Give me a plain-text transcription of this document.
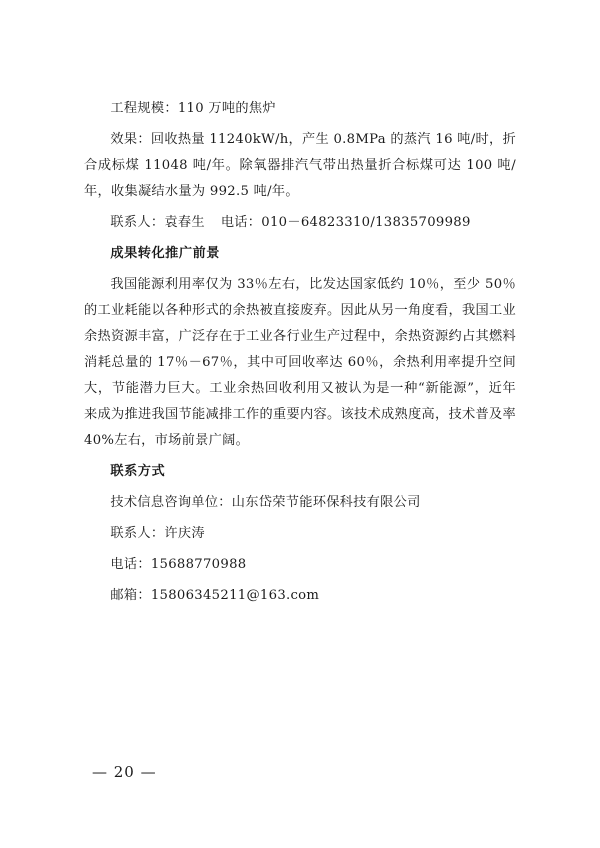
工程规模：110 万吨的焦炉

效果：回收热量 11240kW/h，产生 0.8MPa 的蒸汽 16 吨/时，折合成标煤 11048 吨/年。除氧器排汽气带出热量折合标煤可达 100 吨/年，收集凝结水量为 992.5 吨/年。

联系人：袁春生 电话：010－64823310/13835709989

成果转化推广前景

我国能源利用率仅为 33％左右，比发达国家低约 10％，至少 50％的工业耗能以各种形式的余热被直接废弃。因此从另一角度看，我国工业余热资源丰富，广泛存在于工业各行业生产过程中，余热资源约占其燃料消耗总量的 17％－67％，其中可回收率达 60％，余热利用率提升空间大，节能潜力巨大。工业余热回收利用又被认为是一种“新能源”，近年来成为推进我国节能减排工作的重要内容。该技术成熟度高，技术普及率 40%左右，市场前景广阔。

联系方式

技术信息咨询单位：山东岱荣节能环保科技有限公司

联系人：许庆涛

电话：15688770988

邮箱：15806345211@163.com

— 20 —
